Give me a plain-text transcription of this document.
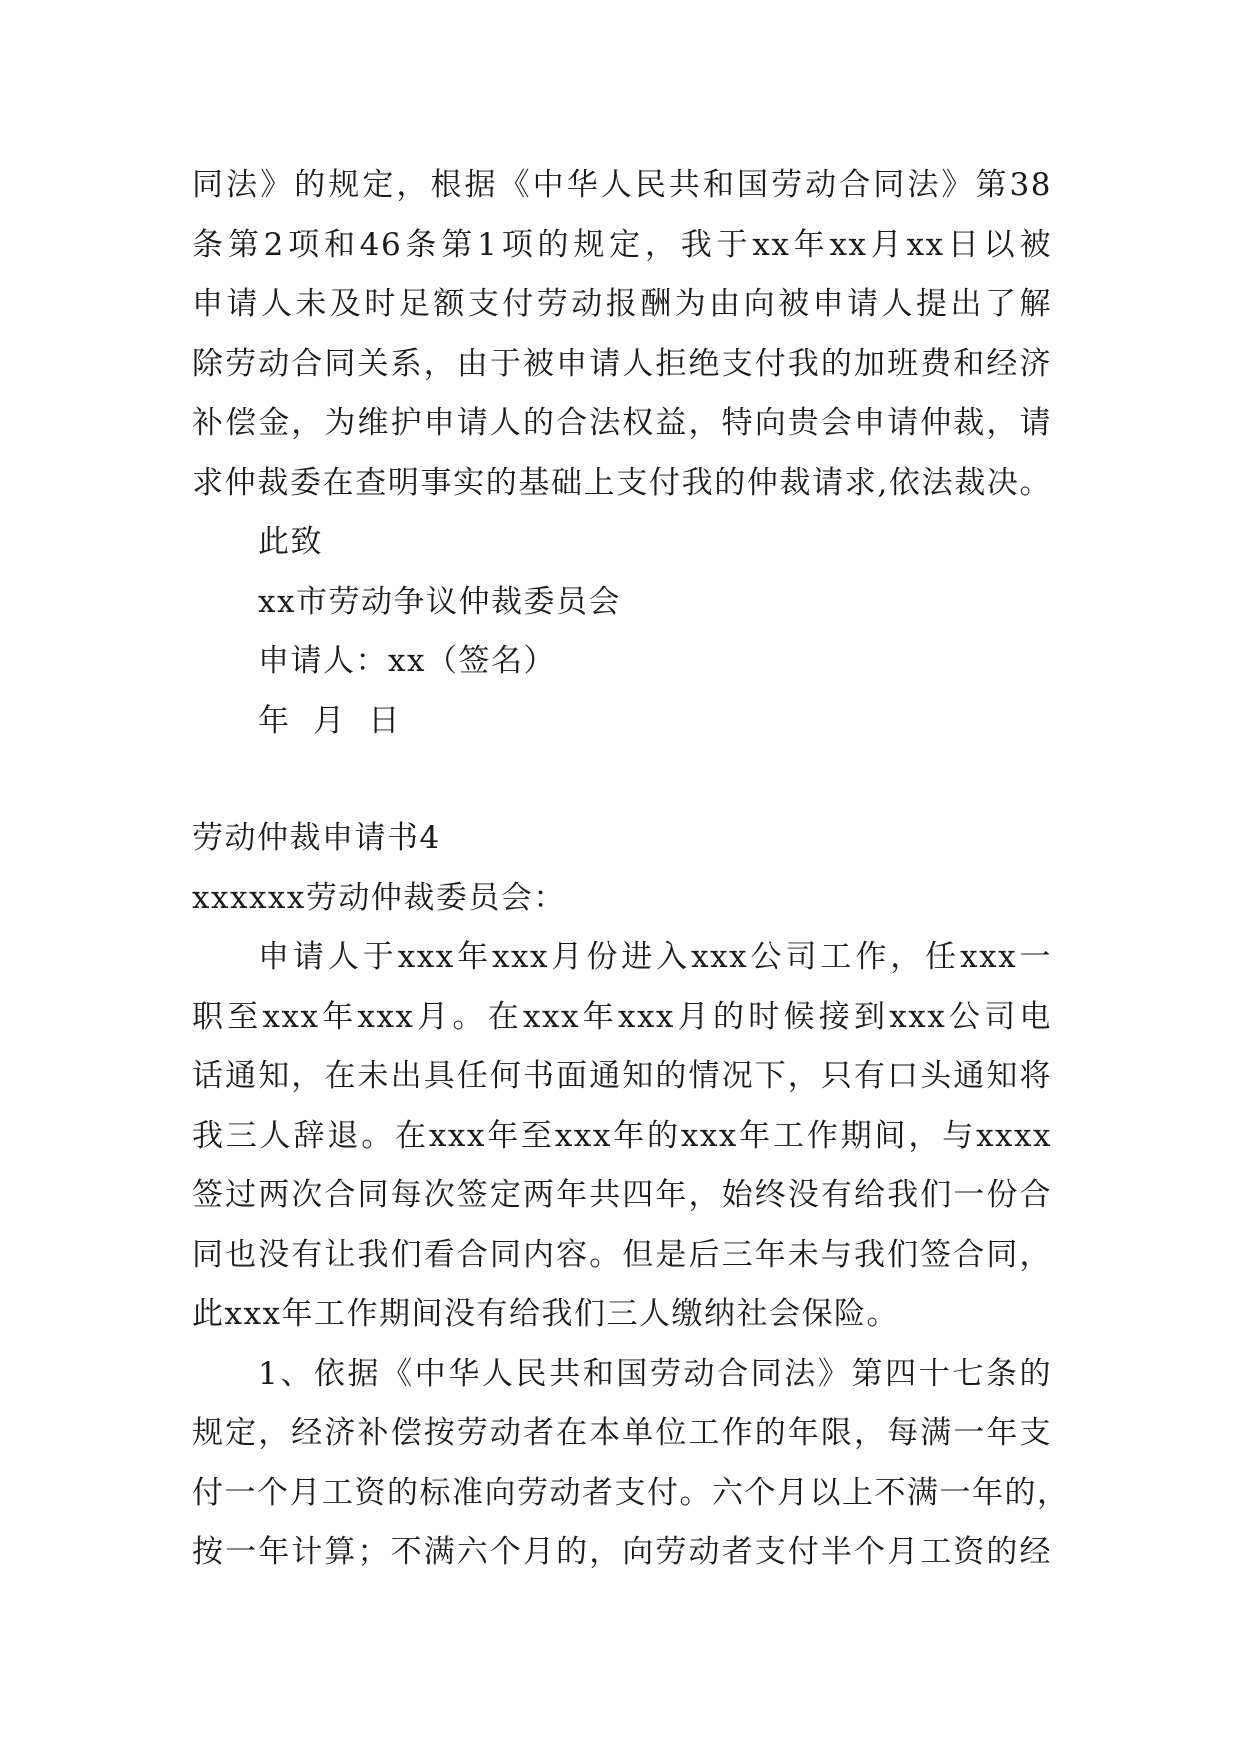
同法》的规定，根据《中华人民共和国劳动合同法》第38
条第2项和46条第1项的规定，我于xx年xx月xx日以被
申请人未及时足额支付劳动报酬为由向被申请人提出了解
除劳动合同关系，由于被申请人拒绝支付我的加班费和经济
补偿金，为维护申请人的合法权益，特向贵会申请仲裁，请
求仲裁委在查明事实的基础上支付我的仲裁请求,依法裁决。
此致
xx市劳动争议仲裁委员会
申请人：xx（签名）
年  月  日
劳动仲裁申请书4
xxxxxx劳动仲裁委员会：
申请人于xxx年xxx月份进入xxx公司工作，任xxx一
职至xxx年xxx月。在xxx年xxx月的时候接到xxx公司电
话通知，在未出具任何书面通知的情况下，只有口头通知将
我三人辞退。在xxx年至xxx年的xxx年工作期间，与xxxx
签过两次合同每次签定两年共四年，始终没有给我们一份合
同也没有让我们看合同内容。但是后三年未与我们签合同，
此xxx年工作期间没有给我们三人缴纳社会保险。
1、依据《中华人民共和国劳动合同法》第四十七条的
规定，经济补偿按劳动者在本单位工作的年限，每满一年支
付一个月工资的标准向劳动者支付。六个月以上不满一年的，
按一年计算；不满六个月的，向劳动者支付半个月工资的经
